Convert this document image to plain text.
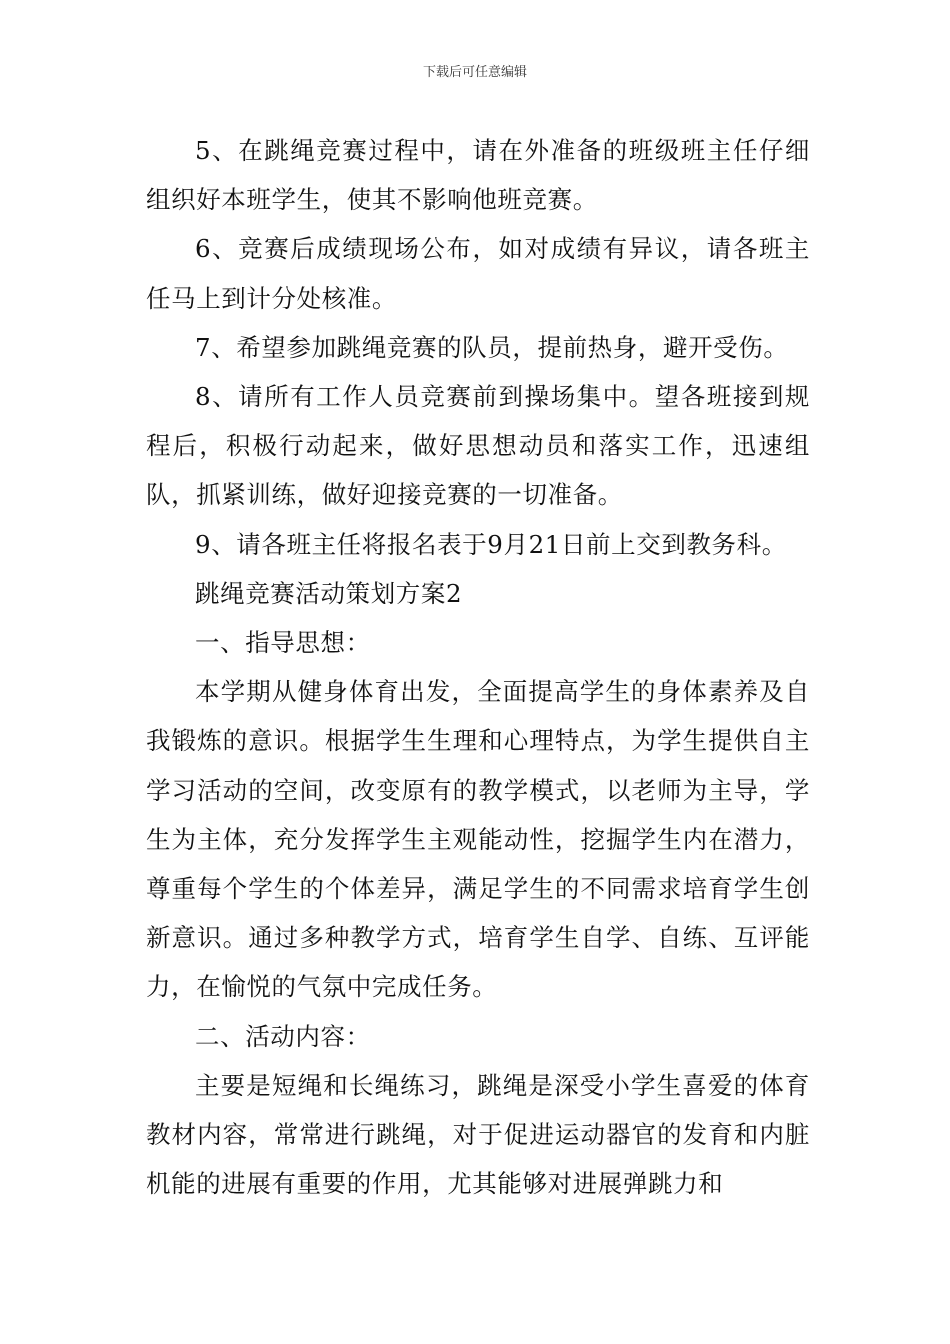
下载后可任意编辑

5、在跳绳竞赛过程中，请在外准备的班级班主任仔细组织好本班学生，使其不影响他班竞赛。

6、竞赛后成绩现场公布，如对成绩有异议，请各班主任马上到计分处核准。

7、希望参加跳绳竞赛的队员，提前热身，避开受伤。

8、请所有工作人员竞赛前到操场集中。望各班接到规程后，积极行动起来，做好思想动员和落实工作，迅速组队，抓紧训练，做好迎接竞赛的一切准备。

9、请各班主任将报名表于9月21日前上交到教务科。

跳绳竞赛活动策划方案2

一、指导思想：

本学期从健身体育出发，全面提高学生的身体素养及自我锻炼的意识。根据学生生理和心理特点，为学生提供自主学习活动的空间，改变原有的教学模式，以老师为主导，学生为主体，充分发挥学生主观能动性，挖掘学生内在潜力，尊重每个学生的个体差异，满足学生的不同需求培育学生创新意识。通过多种教学方式，培育学生自学、自练、互评能力，在愉悦的气氛中完成任务。

二、活动内容：

主要是短绳和长绳练习，跳绳是深受小学生喜爱的体育教材内容，常常进行跳绳，对于促进运动器官的发育和内脏机能的进展有重要的作用，尤其能够对进展弹跳力和
